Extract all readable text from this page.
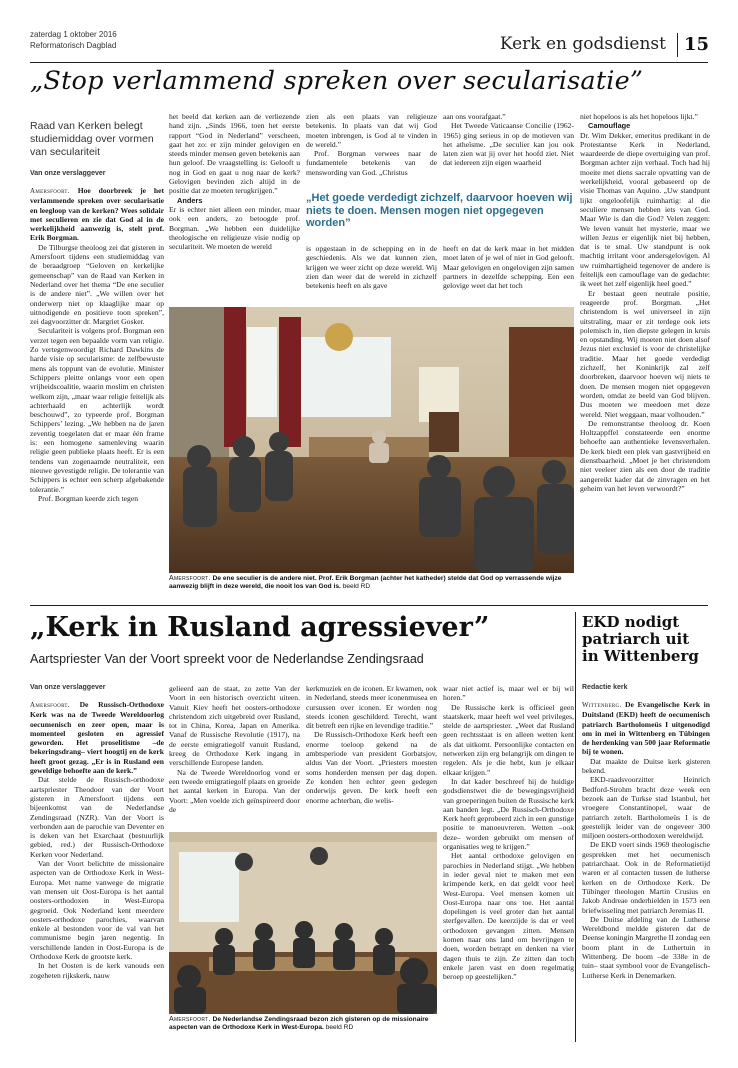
zaterdag 1 oktober 2016
Reformatorisch Dagblad	Kerk en godsdienst 15
„Stop verlammend spreken over secularisatie”
Raad van Kerken belegt studiemiddag over vormen van seculariteit
Van onze verslaggever

Amersfoort. Hoe doorbreek je het verlammende spreken over secularisatie en leegloop van de kerken? Wees solidair met seculieren en zie dat God al in de werkelijkheid aanwezig is, stelt prof. Erik Borgman.

De Tilburgse theoloog zei dat gisteren in Amersfoort tijdens een studiemiddag van de beraadgroep “Geloven en kerkelijke gemeenschap” van de Raad van Kerken in Nederland over het thema “De ene seculier is de andere niet”. „We willen over het onderwerp niet op klaaglijke maar op uitnodigende en positieve toon spreken”, zei dagvoorzitter dr. Margriet Gosker.

Seculariteit is volgens prof. Borgman een verzet tegen een bepaalde vorm van religie. Zo vertegenwoordigt Richard Dawkins de harde visie op secularisme: de zelfbewuste mens als toppunt van de evolutie. Minister Schippers pleitte onlangs voor een open vrijheidscoalitie, waarin moslim en christen welkom zijn, „maar waar religie feitelijk als achterhaald en achterlijk wordt beschouwd”, zo typeerde prof. Borgman Schippers’ lezing. „We hebben na de jaren zeventig toegelaten dat er maar één frame is: een homogene samenleving waarin religie geen publieke plaats heeft. Er is een tendens van zogenaamde neutraliteit, een nieuwe gevestigde religie. De tolerantie van Schippers is echter een scherp afgebakende tolerantie.”

Prof. Borgman keerde zich tegen

het beeld dat kerken aan de verliezende hand zijn. „Sinds 1966, toen het eerste rapport “God in Nederland” verscheen, gaat het zo: er zijn minder gelovigen en steeds minder mensen geven betekenis aan hun geloof. De vraagstelling is: Gelooft u nog in God en gaat u nog naar de kerk? Gelovigen bevinden zich altijd in de positie dat ze moeten terugkrijgen.”

Anders

Er is echter niet alleen een minder, maar ook een anders, zo betoogde prof. Borgman. „We hebben een duidelijke theologische en religieuze visie nodig op seculariteit. We moeten de wereld

zien als een plaats van religieuze betekenis. In plaats van dat wij God moeten inbrengen, is God al te vinden in de wereld.”

Prof. Borgman verwees naar de fundamentele betekenis van de menswording van God. „Christus

aan ons voorafgaat.”

Het Tweede Vaticaanse Concilie (1962-1965) ging serieus in op de motieven van het atheïsme. „De seculier kan jou ook laten zien wat jij over het hoofd ziet. Niet dat iedereen zijn eigen waarheid

„Het goede verdedigt zichzelf, daarvoor hoeven wij niets te doen. Mensen mogen niet opgegeven worden”

is opgestaan in de schepping en in de geschiedenis. Als we dat kunnen zien, krijgen we weer zicht op deze wereld. Wij zien dan weer dat de wereld in zichzelf betekenis heeft en als gave

heeft en dat de kerk maar in het midden moet laten of je wel of niet in God gelooft. Maar gelovigen en ongelovigen zijn samen partners in dezelfde schepping. Een een gelovige weet dat het toch

niet hopeloos is als het hopeloos lijkt.”

Camouflage

Dr. Wim Dekker, emeritus predikant in de Protestantse Kerk in Nederland, waardeerde de diepe overtuiging van prof. Borgman achter zijn verhaal. Toch had hij moeite met diens sacrale opvatting van de werkelijkheid, vooral gebaseerd op de visie Thomas van Aquino. „Uw standpunt lijkt ongeloofelijk ruimhartig: al die seculiere mensen hebben iets van God. Maar Wie is dan die God? Velen zeggen: We leven vanuit het mysterie, maar we willen Jezus er eigenlijk niet bij hebben, dat is te smal. Uw standpunt is ook machtig irritant voor andersgelovigen. Al uw ruimhartigheid tegenover de andere is feitelijk een camouflage van de gedachte: ik weet het zelf eigenlijk heel goed.”

Er bestaat geen neutrale positie, reageerde prof. Borgman. „Het christendom is wel universeel in zijn uitstraling, maar er zit terdege ook iets polemisch in, tien diepste gelegen in kruis en opstanding. Wij moeten niet doen alsof Jezus niet exclusief is voor de christelijke traditie. Maar het goede verdedigt zichzelf, het Koninkrijk zal zelf doorbreken, daarvoor hoeven wij niets te doen. De mensen mogen niet opgegeven worden, omdat ze beeld van God blijven. Dus moeten we meedoen met deze wereld. Niet weggaan, maar volhouden.”

De remonstrantse theoloog dr. Koen Holtzappffel constateerde een enorme behoefte aan authentieke levensverhalen. De kerk biedt een plek van gastvrijheid en dienstbaarheid. „Moet je het christendom niet veeleer zien als een door de traditie aangereikt kader dat de zinvragen en het geheim van het leven verwoordt?”

Amersfoort. De ene seculier is de andere niet. Prof. Erik Borgman (achter het katheder) stelde dat God op verrassende wijze aanwezig blijft in deze wereld, die nooit los van God is. beeld RD
„Kerk in Rusland agressiever”
Aartspriester Van der Voort spreekt voor de Nederlandse Zendingsraad
Van onze verslaggever

Amersfoort. De Russisch-Orthodoxe Kerk was na de Tweede Wereldoorlog oecumenisch en zeer open, maar is momenteel gesloten en agressief geworden. Het proselitisme –de bekeringsdrang– viert hoogtij en de kerk heeft groot gezag. „Er is in Rusland een geweldige behoefte aan de kerk.”

Dat stelde de Russisch-orthodoxe aartspriester Theodoor van der Voort gisteren in Amersfoort tijdens een bijeenkomst van de Nederlandse Zendingsraad (NZR). Van der Voort is verbonden aan de parochie van Deventer en is deken van het Exarchaat (bestuurlijk gebied, red.) der Russisch-Orthodoxe Kerken voor Nederland.

Van der Voort belichtte de missionaire aspecten van de Orthodoxe Kerk in West-Europa. Met name vanwege de migratie van mensen uit Oost-Europa is het aantal oosters-orthodoxen in West-Europa gegroeid. Ook Nederland kent meerdere oosters-orthodoxe parochies, waarvan enkele al bestonden voor de val van het communisme begin jaren negentig. In verschillende landen in Oost-Europa is de Orthodoxe Kerk de grootste kerk.

In het Oosten is de kerk vanouds een zogeheten rijkskerk, nauw

gelieerd aan de staat, zo zette Van der Voort in een historisch overzicht uiteen. Vanuit Kiev heeft het oosters-orthodoxe christendom zich uitgebreid over Rusland, tot in China, Korea, Japan en Amerika. Vanaf de Russische Revolutie (1917), na de eerste emigratiegolf vanuit Rusland, kreeg de Orthodoxe Kerk ingang in verschillende Europese landen.

Na de Tweede Wereldoorlog vond er een tweede emigratiegolf plaats en groeide het aantal kerken in Europa. Van der Voort: „Men voelde zich geïnspireerd door de

kerkmuziek en de iconen. Er kwamen, ook in Nederland, steeds meer iconenmusea en cursussen over iconen. Er worden nog steeds iconen geschilderd. Terecht, want dit betreft een rijke en levendige traditie.”

De Russisch-Orthodoxe Kerk heeft een enorme toeloop gekend na de ambtsperiode van president Gorbatsjov, aldus Van der Voort. „Priesters moesten soms honderden mensen per dag dopen. Ze konden hen echter geen gedegen onderwijs geven. De kerk heeft een enorme achterban, die welis-

waar niet actief is, maar wel er bij wil horen.”

De Russische kerk is officieel geen staatskerk, maar heeft wel veel privileges, stelde de aartspriester. „Weet dat Rusland geen rechtsstaat is en alleen wetten kent als dat uitkomt. Persoonlijke contacten en netwerken zijn erg belangrijk om dingen te regelen. Als je die hebt, kun je elkaar elkaar krijgen.”

In dat kader beschreef hij de huidige godsdienstwet die de bewegingsvrijheid van groeperingen buiten de Russische kerk aan banden legt. „De Russisch-Orthodoxe Kerk heeft geprobeerd zich in een gunstige positie te manoeuvreren. Wetten –ook deze– worden gebruikt om mensen of organisaties weg te krijgen.”

Het aantal orthodoxe gelovigen en parochies in Nederland stijgt. „We hebben in ieder geval niet te maken met een krimpende kerk, en dat geldt voor heel West-Europa. Veel mensen komen uit Oost-Europa naar ons toe. Het aantal dopelingen is veel groter dan het aantal sterfgevallen. De keerzijde is dat er veel orthodoxen gevangen zitten. Mensen komen naar ons land om bevrijngen te doen, worden betrapt en denken na vier dagen thuis te zijn. Ze zitten dan toch enkele jaren vast en doen regelmatig beroep op geestelijken.”

Amersfoort. De Nederlandse Zendingsraad bezon zich gisteren op de missionaire aspecten van de Orthodoxe Kerk in West-Europa. beeld RD
EKD nodigt patriarch uit in Wittenberg
Redactie kerk

Wittenberg. De Evangelische Kerk in Duitsland (EKD) heeft de oecumenisch patriarch Bartholomeüs I uitgenodigd om in mei in Wittenberg en Tübingen de herdenking van 500 jaar Reformatie bij te wonen.

Dat maakte de Duitse kerk gisteren bekend.

EKD-raadsvoorzitter Heinrich Bedford-Strohm bracht deze week een bezoek aan de Turkse stad Istanbul, het vroegere Constantinopel, waar de patriarch zetelt. Bartholomeüs I is de geestelijk leider van de ongeveer 300 miljoen oosters-orthodoxen wereldwijd.

De EKD voert sinds 1969 theologische gesprekken met het oecumenisch patriarchaat. Ook in de Reformatietijd waren er al contacten tussen de lutherse kerken en de Orthodoxe Kerk. De Tübinger theologen Martin Crusius en Jakob Andreae onderhielden in 1573 een briefwisseling met patriarch Jeremias II.

De Duitse afdeling van de Lutherse Wereldbond meldde gisteren dat de Deense koningin Margrethe II zondag een boom plant in de Luthertuin in Wittenberg. De boom –de 338e in de tuin– staat symbool voor de Evangelisch-Lutherse Kerk in Denemarken.
